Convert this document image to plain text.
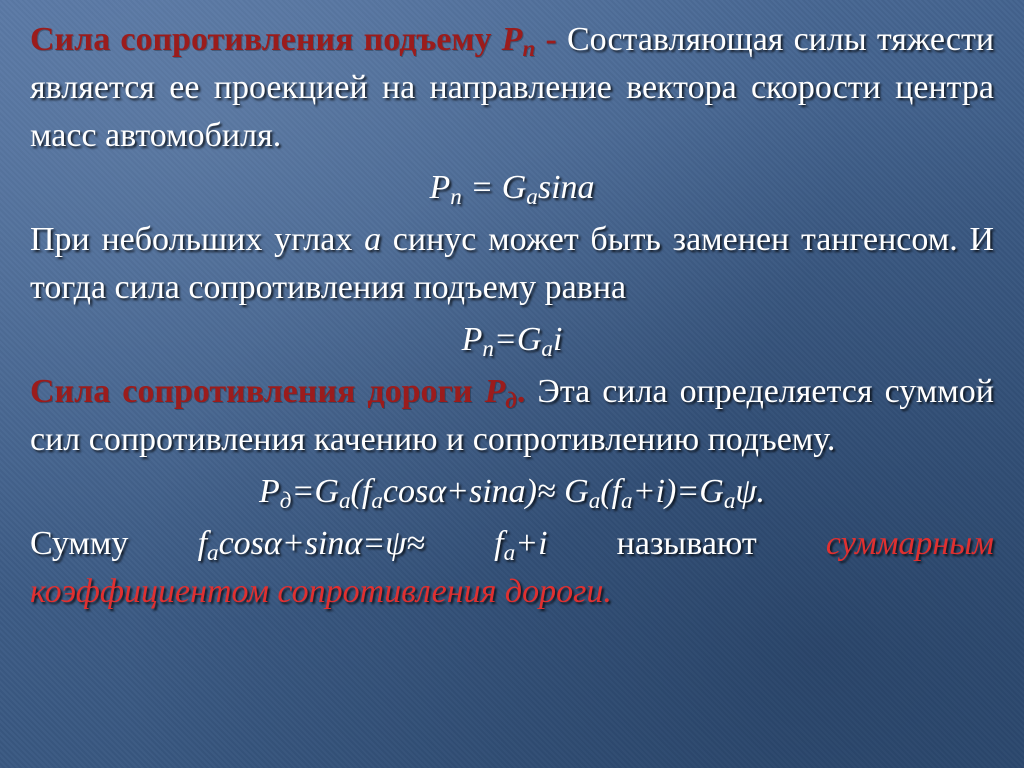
Сила сопротивления подъему $P_п$ - Составляющая силы тяжести является ее проекцией на направление вектора скорости центра масс автомобиля.

$P_п = G_a\sin a$

При небольших углах a синус может быть заменен тангенсом. И тогда сила сопротивления подъему равна

$P_п=G_ai$

Сила сопротивления дороги $P_д$. Эта сила определяется суммой сил сопротивления качению и сопротивлению подъему.

$P_д=G_a(f_a\cos\alpha+\sin a)\approx G_a(f_a+i)=G_a\psi$.

Сумму $f_a\cos\alpha+\sin\alpha=\psi\approx f_a+i$ называют суммарным коэффициентом сопротивления дороги.
